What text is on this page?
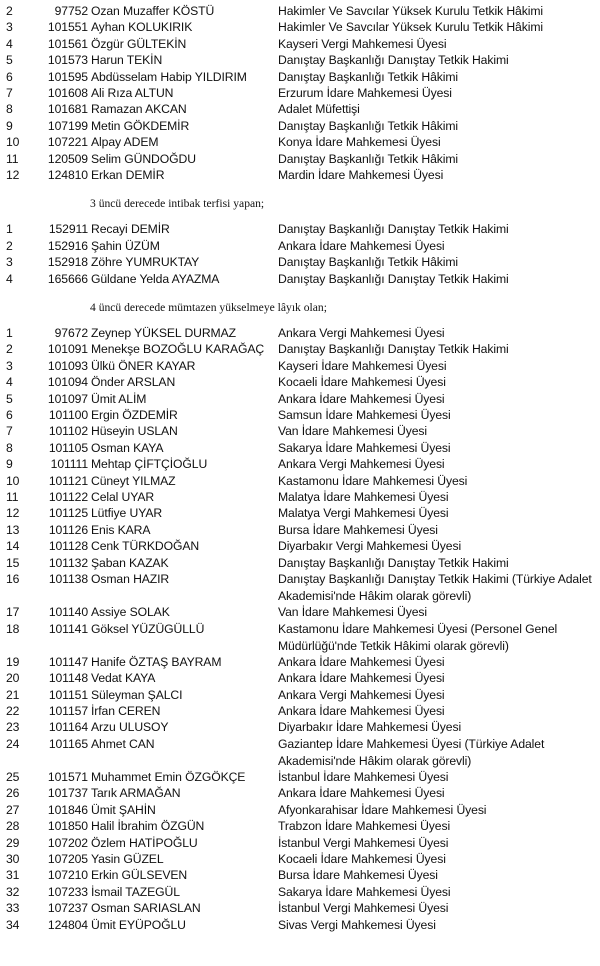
2	97752 Ozan Muzaffer KÖSTÜ	Hakimler Ve Savcılar Yüksek Kurulu Tetkik Hâkimi
3	101551 Ayhan KOLUKIRIK	Hakimler Ve Savcılar Yüksek Kurulu Tetkik Hâkimi
4	101561 Özgür GÜLTEKİN	Kayseri Vergi Mahkemesi Üyesi
5	101573 Harun TEKİN	Danıştay Başkanlığı Danıştay Tetkik Hakimi
6	101595 Abdüsselam Habip YILDIRIM	Danıştay Başkanlığı Tetkik Hâkimi
7	101608 Ali Rıza ALTUN	Erzurum İdare Mahkemesi Üyesi
8	101681 Ramazan AKCAN	Adalet Müfettişi
9	107199 Metin GÖKDEMİR	Danıştay Başkanlığı Tetkik Hâkimi
10	107221 Alpay ADEM	Konya İdare Mahkemesi Üyesi
11	120509 Selim GÜNDOĞDU	Danıştay Başkanlığı Tetkik Hâkimi
12	124810 Erkan DEMİR	Mardin İdare Mahkemesi Üyesi
3 üncü derecede intibak terfisi yapan;
1	152911 Recayi DEMİR	Danıştay Başkanlığı Danıştay Tetkik Hakimi
2	152916 Şahin ÜZÜM	Ankara İdare Mahkemesi Üyesi
3	152918 Zöhre YUMRUKTAY	Danıştay Başkanlığı Tetkik Hâkimi
4	165666 Güldane Yelda AYAZMA	Danıştay Başkanlığı Danıştay Tetkik Hakimi
4 üncü derecede mümtazen yükselmeye lâyık olan;
1	97672 Zeynep YÜKSEL DURMAZ	Ankara Vergi Mahkemesi Üyesi
2	101091 Menekşe BOZOĞLU KARAĞAÇ	Danıştay Başkanlığı Danıştay Tetkik Hakimi
3	101093 Ülkü ÖNER KAYAR	Kayseri İdare Mahkemesi Üyesi
4	101094 Önder ARSLAN	Kocaeli İdare Mahkemesi Üyesi
5	101097 Ümit ALİM	Ankara İdare Mahkemesi Üyesi
6	101100 Ergin ÖZDEMİR	Samsun İdare Mahkemesi Üyesi
7	101102 Hüseyin USLAN	Van İdare Mahkemesi Üyesi
8	101105 Osman KAYA	Sakarya İdare Mahkemesi Üyesi
9	101111 Mehtap ÇİFTÇİOĞLU	Ankara Vergi Mahkemesi Üyesi
10	101121 Cüneyt YILMAZ	Kastamonu İdare Mahkemesi Üyesi
11	101122 Celal UYAR	Malatya İdare Mahkemesi Üyesi
12	101125 Lütfiye UYAR	Malatya Vergi Mahkemesi Üyesi
13	101126 Enis KARA	Bursa İdare Mahkemesi Üyesi
14	101128 Cenk TÜRKDOĞAN	Diyarbakır Vergi Mahkemesi Üyesi
15	101132 Şaban KAZAK	Danıştay Başkanlığı Danıştay Tetkik Hakimi
16	101138 Osman HAZIR	Danıştay Başkanlığı Danıştay Tetkik Hakimi (Türkiye Adalet Akademisi'nde Hâkim olarak görevli)
17	101140 Assiye SOLAK	Van İdare Mahkemesi Üyesi
18	101141 Göksel YÜZÜGÜLLÜ	Kastamonu İdare Mahkemesi Üyesi (Personel Genel Müdürlüğü'nde Tetkik Hâkimi olarak görevli)
19	101147 Hanife ÖZTAŞ BAYRAM	Ankara İdare Mahkemesi Üyesi
20	101148 Vedat KAYA	Ankara İdare Mahkemesi Üyesi
21	101151 Süleyman ŞALCI	Ankara Vergi Mahkemesi Üyesi
22	101157 İrfan CEREN	Ankara İdare Mahkemesi Üyesi
23	101164 Arzu ULUSOY	Diyarbakır İdare Mahkemesi Üyesi
24	101165 Ahmet CAN	Gaziantep İdare Mahkemesi Üyesi (Türkiye Adalet Akademisi'nde Hâkim olarak görevli)
25	101571 Muhammet Emin ÖZGÖKÇE	İstanbul İdare Mahkemesi Üyesi
26	101737 Tarık ARMAĞAN	Ankara İdare Mahkemesi Üyesi
27	101846 Ümit ŞAHİN	Afyonkarahisar İdare Mahkemesi Üyesi
28	101850 Halil İbrahim ÖZGÜN	Trabzon İdare Mahkemesi Üyesi
29	107202 Özlem HATİPOĞLU	İstanbul Vergi Mahkemesi Üyesi
30	107205 Yasin GÜZEL	Kocaeli İdare Mahkemesi Üyesi
31	107210 Erkin GÜLSEVEN	Bursa İdare Mahkemesi Üyesi
32	107233 İsmail TAZEGÜL	Sakarya İdare Mahkemesi Üyesi
33	107237 Osman SARIASLAN	İstanbul Vergi Mahkemesi Üyesi
34	124804 Ümit EYÜPOĞLU	Sivas Vergi Mahkemesi Üyesi
